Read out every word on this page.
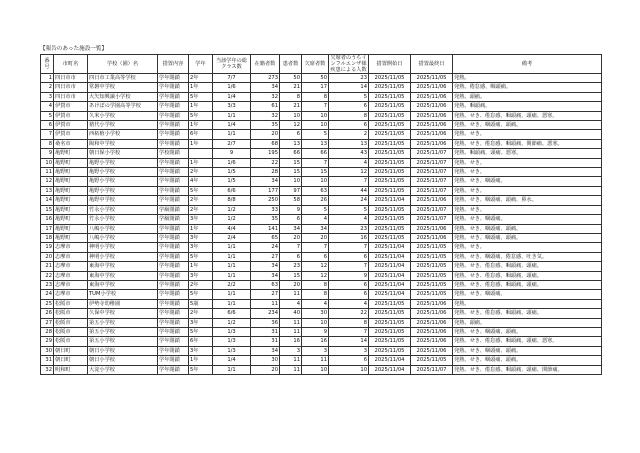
【報告のあった施設一覧】
番号	市町名	学校（園）名	措置内容	学年	当該学年の総クラス数	在籍者数	患者数	欠席者数	欠席者のうちインフルエンザ様疾患による人数	措置開始日	措置最終日	備考
1	四日市市	四日市工業高等学校	学年閉鎖	2年	7/7	273	50	50	23	2025/11/05	2025/11/05	発熱。
2	四日市市	常磐中学校	学年閉鎖	1年	1/6	34	21	17	14	2025/11/05	2025/11/06	発熱、倦怠感、咽頭痛。
3	四日市市	大矢知興譲小学校	学年閉鎖	5年	1/4	32	8	8	5	2025/11/05	2025/11/06	発熱、頭痛。
4	伊賀市	あけぼの学園高等学校	学年閉鎖	1年	3/3	61	21	7	6	2025/11/05	2025/11/06	発熱、咽頭痛。
5	伊賀市	久米小学校	学年閉鎖	5年	1/1	32	10	10	8	2025/11/05	2025/11/06	発熱、せき、倦怠感、咽頭痛、頭痛、悪寒。
6	伊賀市	猪代小学校	学年閉鎖	1年	1/4	35	12	10	6	2025/11/05	2025/11/06	発熱、せき、咽頭痛、頭痛。
7	伊賀市	西柘植小学校	学年閉鎖	6年	1/1	20	6	5	2	2025/11/05	2025/11/06	発熱、せき。
8	桑名市	陽和中学校	学年閉鎖	1年	2/7	68	13	13	13	2025/11/05	2025/11/06	発熱、せき、倦怠感、咽頭痛、関節痛、悪寒。
9	亀野町	朝日保小学校	学校閉鎖		9	195	66	66	43	2025/11/05	2025/11/07	発熱、咽頭痛、頭痛、悪寒。
10	亀野町	亀野小学校	学年閉鎖	1年	1/6	22	15	7	4	2025/11/05	2025/11/07	発熱、せき。
11	亀野町	亀野小学校	学年閉鎖	2年	1/5	28	15	15	12	2025/11/05	2025/11/07	発熱、せき。
12	亀野町	亀野小学校	学年閉鎖	4年	1/5	34	10	10	7	2025/11/05	2025/11/07	発熱、せき、咽頭痛。
13	亀野町	亀野小学校	学年閉鎖	5年	6/6	177	97	63	44	2025/11/05	2025/11/07	発熱、せき。
14	亀野町	亀野中学校	学年閉鎖	2年	8/8	250	58	26	24	2025/11/04	2025/11/06	発熱、せき、咽頭痛、頭痛、鼻水。
15	亀野町	竹永小学校	学級閉鎖	2年	1/2	33	9	5	5	2025/11/05	2025/11/07	発熱、せき。
16	亀野町	竹永小学校	学級閉鎖	3年	1/2	35	6	4	4	2025/11/05	2025/11/07	発熱、せき、咽頭痛。
17	亀野町	八嶋小学校	学年閉鎖	1年	4/4	141	34	34	23	2025/11/05	2025/11/06	発熱、せき、咽頭痛、頭痛。
18	亀野町	八嶋小学校	学年閉鎖	3年	2/4	65	20	20	16	2025/11/05	2025/11/06	発熱、せき、咽頭痛、頭痛。
19	志摩市	神明小学校	学年閉鎖	3年	1/1	24	7	7	7	2025/11/04	2025/11/05	発熱、せき。
20	志摩市	神明小学校	学年閉鎖	5年	1/1	27	6	6	6	2025/11/04	2025/11/05	発熱、せき、咽頭痛、倦怠感、吐き気。
21	志摩市	東海中学校	学年閉鎖	1年	1/1	34	23	12	7	2025/11/04	2025/11/05	発熱、せき、倦怠感、咽頭痛、頭痛。
22	志摩市	東海中学校	学年閉鎖	3年	1/1	34	15	12	9	2025/11/04	2025/11/05	発熱、せき、倦怠感、咽頭痛、頭痛。
23	志摩市	東海中学校	学年閉鎖	2年	2/2	63	20	8	6	2025/11/04	2025/11/05	発熱、せき、倦怠感、咽頭痛、頭痛。
24	志摩市	TUM小学校	学年閉鎖	5年	1/1	27	11	8	6	2025/11/04	2025/11/05	発熱、せき、咽頭痛。
25	松阪市	伊勢寺幼稚園	学年閉鎖	5歳	1/1	11	4	4	4	2025/11/05	2025/11/06	発熱。
26	松阪市	久保中学校	学年閉鎖	2年	6/6	234	40	30	22	2025/11/05	2025/11/06	発熱、せき、倦怠感、咽頭痛、頭痛。
27	松阪市	第五小学校	学年閉鎖	3年	1/2	36	11	10	8	2025/11/05	2025/11/06	発熱、頭痛。
28	松阪市	第五小学校	学年閉鎖	5年	1/3	31	11	9	7	2025/11/05	2025/11/06	発熱、せき、咽頭痛、頭痛。
29	松阪市	第五小学校	学年閉鎖	6年	1/3	31	16	16	14	2025/11/05	2025/11/06	発熱、せき、倦怠感、咽頭痛、頭痛、悪寒。
30	朝日町	朝日小学校	学年閉鎖	3年	1/3	34	3	3	3	2025/11/05	2025/11/06	発熱、せき、咽頭痛、頭痛。
31	朝日町	朝日小学校	学年閉鎖	1年	1/4	30	11	11	6	2025/11/04	2025/11/05	発熱、せき、咽頭痛、頭痛。
32	明和町	大淀小学校	学年閉鎖	5年	1/1	20	11	10	10	2025/11/04	2025/11/07	発熱、せき、倦怠感、咽頭痛、頭痛、関節痛。
